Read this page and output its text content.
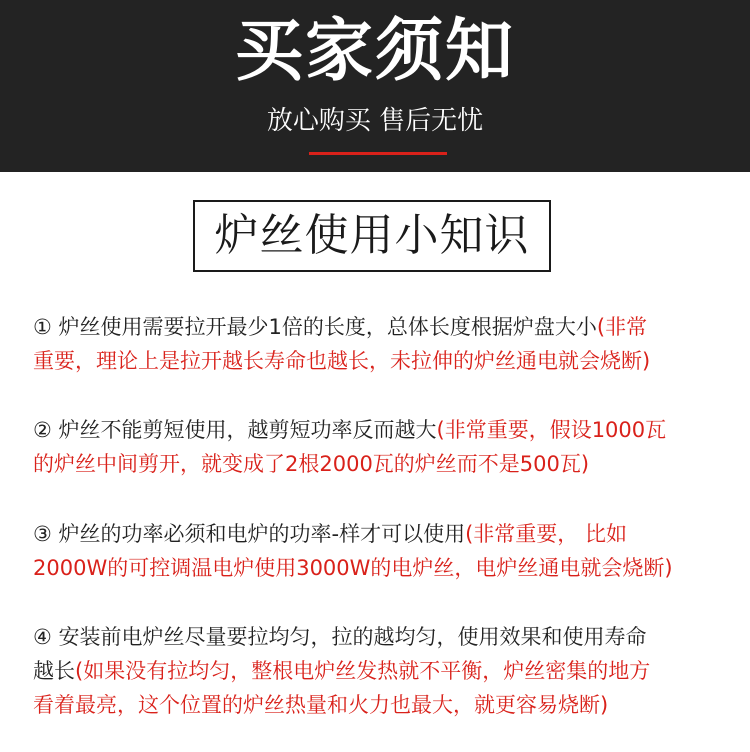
买家须知
放心购买 售后无忧
炉丝使用小知识
① 炉丝使用需要拉开最少1倍的长度，总体长度根据炉盘大小(非常
重要，理论上是拉开越长寿命也越长，未拉伸的炉丝通电就会烧断)
② 炉丝不能剪短使用，越剪短功率反而越大(非常重要，假设1000瓦
的炉丝中间剪开，就变成了2根2000瓦的炉丝而不是500瓦)
③ 炉丝的功率必须和电炉的功率-样才可以使用(非常重要， 比如
2000W的可控调温电炉使用3000W的电炉丝，电炉丝通电就会烧断)
④ 安装前电炉丝尽量要拉均匀，拉的越均匀，使用效果和使用寿命
越长(如果没有拉均匀，整根电炉丝发热就不平衡，炉丝密集的地方
看着最亮，这个位置的炉丝热量和火力也最大，就更容易烧断)
